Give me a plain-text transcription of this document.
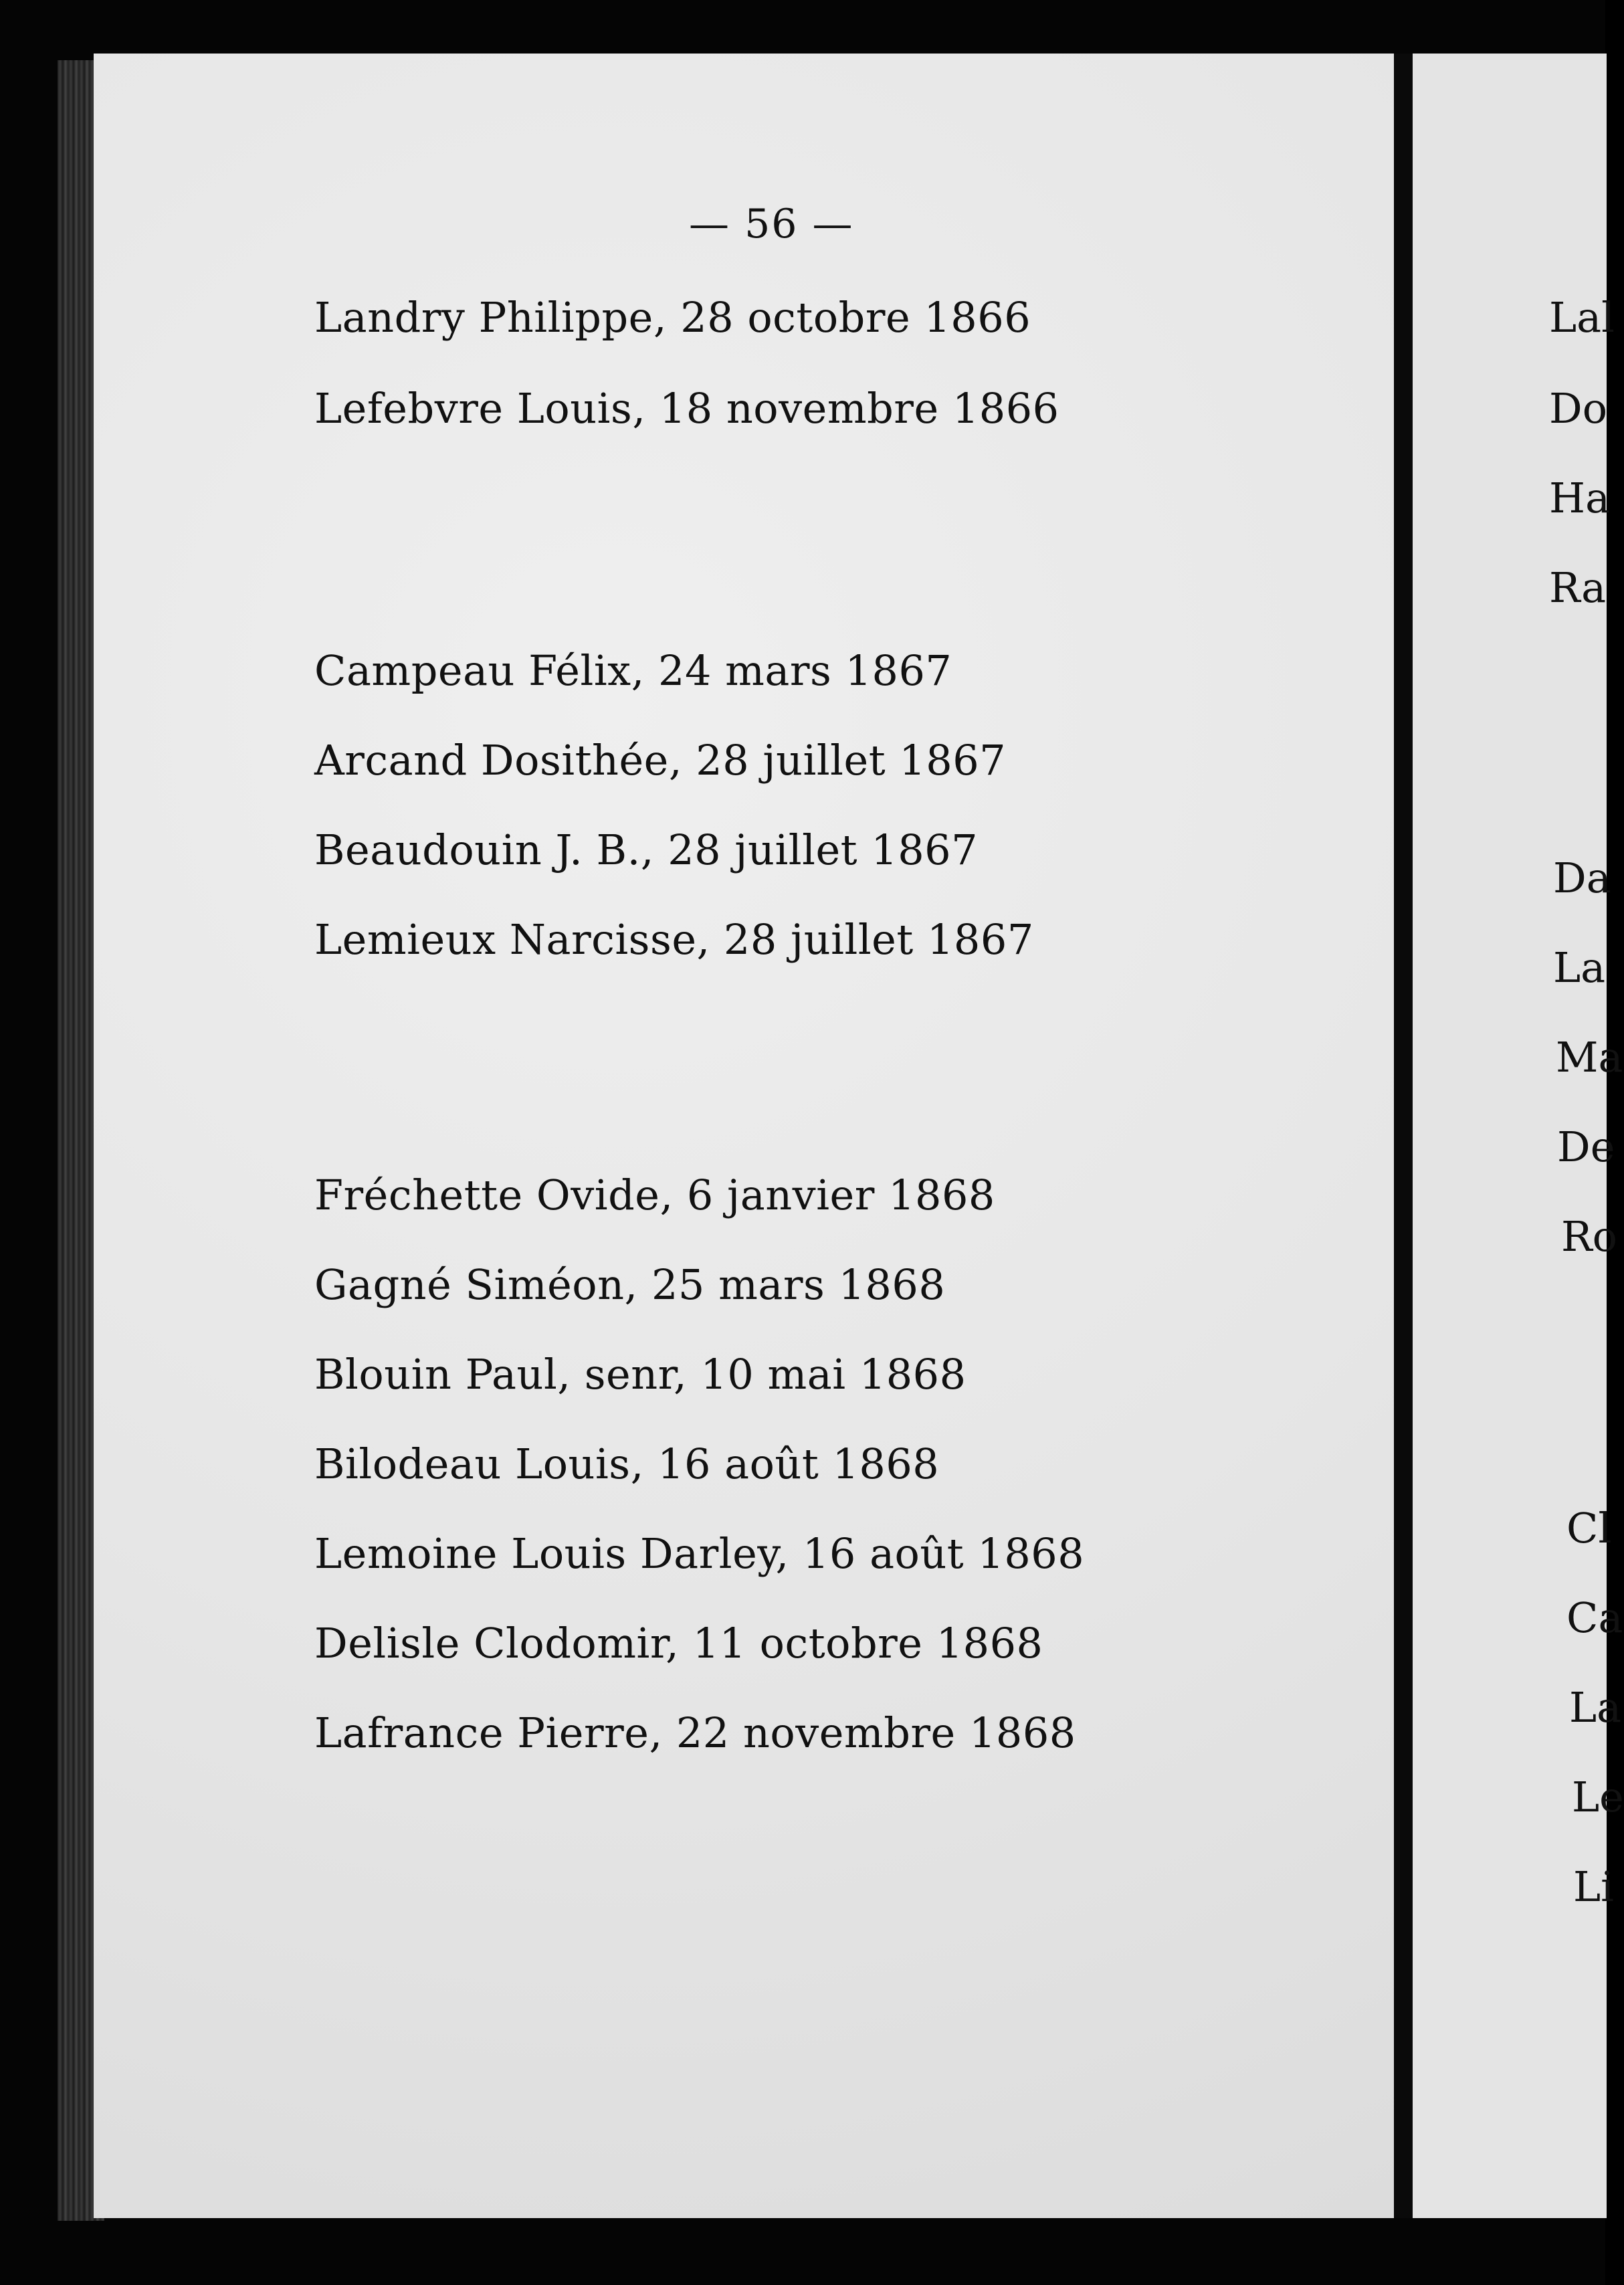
— 56 —
Landry Philippe, 28 octobre 1866
Lefebvre Louis, 18 novembre 1866
Campeau Félix, 24 mars 1867
Arcand Dosithée, 28 juillet 1867
Beaudouin J. B., 28 juillet 1867
Lemieux Narcisse, 28 juillet 1867
Fréchette Ovide, 6 janvier 1868
Gagné Siméon, 25 mars 1868
Blouin Paul, senr, 10 mai 1868
Bilodeau Louis, 16 août 1868
Lemoine Louis Darley, 16 août 1868
Delisle Clodomir, 11 octobre 1868
Lafrance Pierre, 22 novembre 1868
Lal
Do
Ha
Ra
Da
La
Ma
De
Ro
Cl
Ca
La
Le
Li
